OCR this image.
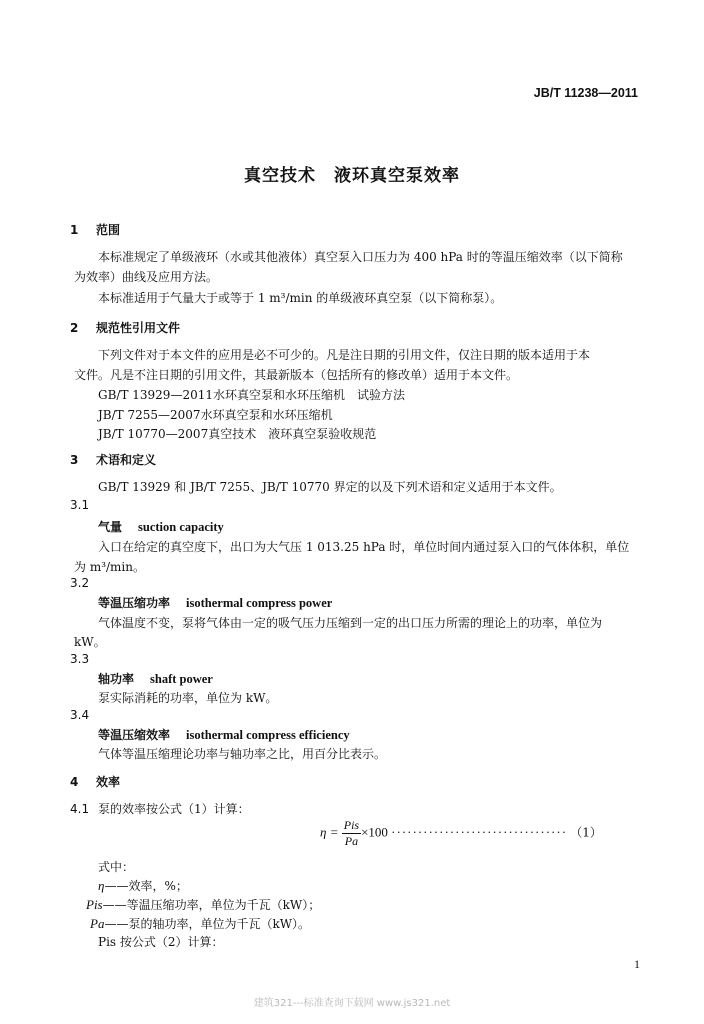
JB/T 11238—2011
真空技术　液环真空泵效率
1 范围
本标准规定了单级液环（水或其他液体）真空泵入口压力为 400 hPa 时的等温压缩效率（以下简称
为效率）曲线及应用方法。
本标准适用于气量大于或等于 1 m³/min 的单级液环真空泵（以下简称泵）。
2 规范性引用文件
下列文件对于本文件的应用是必不可少的。凡是注日期的引用文件，仅注日期的版本适用于本
文件。凡是不注日期的引用文件，其最新版本（包括所有的修改单）适用于本文件。
GB/T 13929—2011水环真空泵和水环压缩机　试验方法
JB/T 7255—2007水环真空泵和水环压缩机
JB/T 10770—2007真空技术　液环真空泵验收规范
3 术语和定义
GB/T 13929 和 JB/T 7255、JB/T 10770 界定的以及下列术语和定义适用于本文件。
3.1
气量 suction capacity
入口在给定的真空度下，出口为大气压 1 013.25 hPa 时，单位时间内通过泵入口的气体体积，单位
为 m³/min。
3.2
等温压缩功率 isothermal compress power
气体温度不变，泵将气体由一定的吸气压力压缩到一定的出口压力所需的理论上的功率，单位为
kW。
3.3
轴功率 shaft power
泵实际消耗的功率，单位为 kW。
3.4
等温压缩效率 isothermal compress efficiency
气体等温压缩理论功率与轴功率之比，用百分比表示。
4 效率
4.1 泵的效率按公式（1）计算：
$\eta = \frac{\text{Pis}}{Pa} \times 100$ ································· （1）
式中：
η——效率，%；
Pis——等温压缩功率，单位为千瓦（kW）；
Pa——泵的轴功率，单位为千瓦（kW）。
Pis 按公式（2）计算：
1
建筑321---标准查询下载网 www.js321.net
